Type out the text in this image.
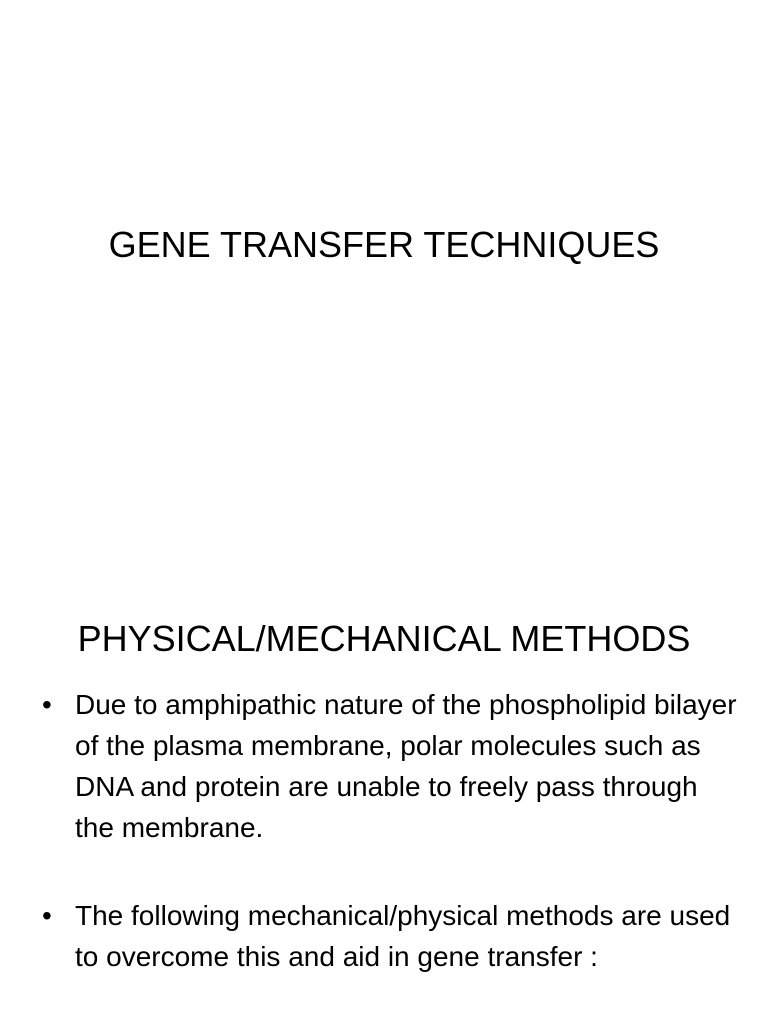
GENE TRANSFER TECHNIQUES
PHYSICAL/MECHANICAL METHODS
• Due to amphipathic nature of the phospholipid bilayer of the plasma membrane, polar molecules such as DNA and protein are unable to freely pass through the membrane.
• The following mechanical/physical methods are used to overcome this and aid in gene transfer :
